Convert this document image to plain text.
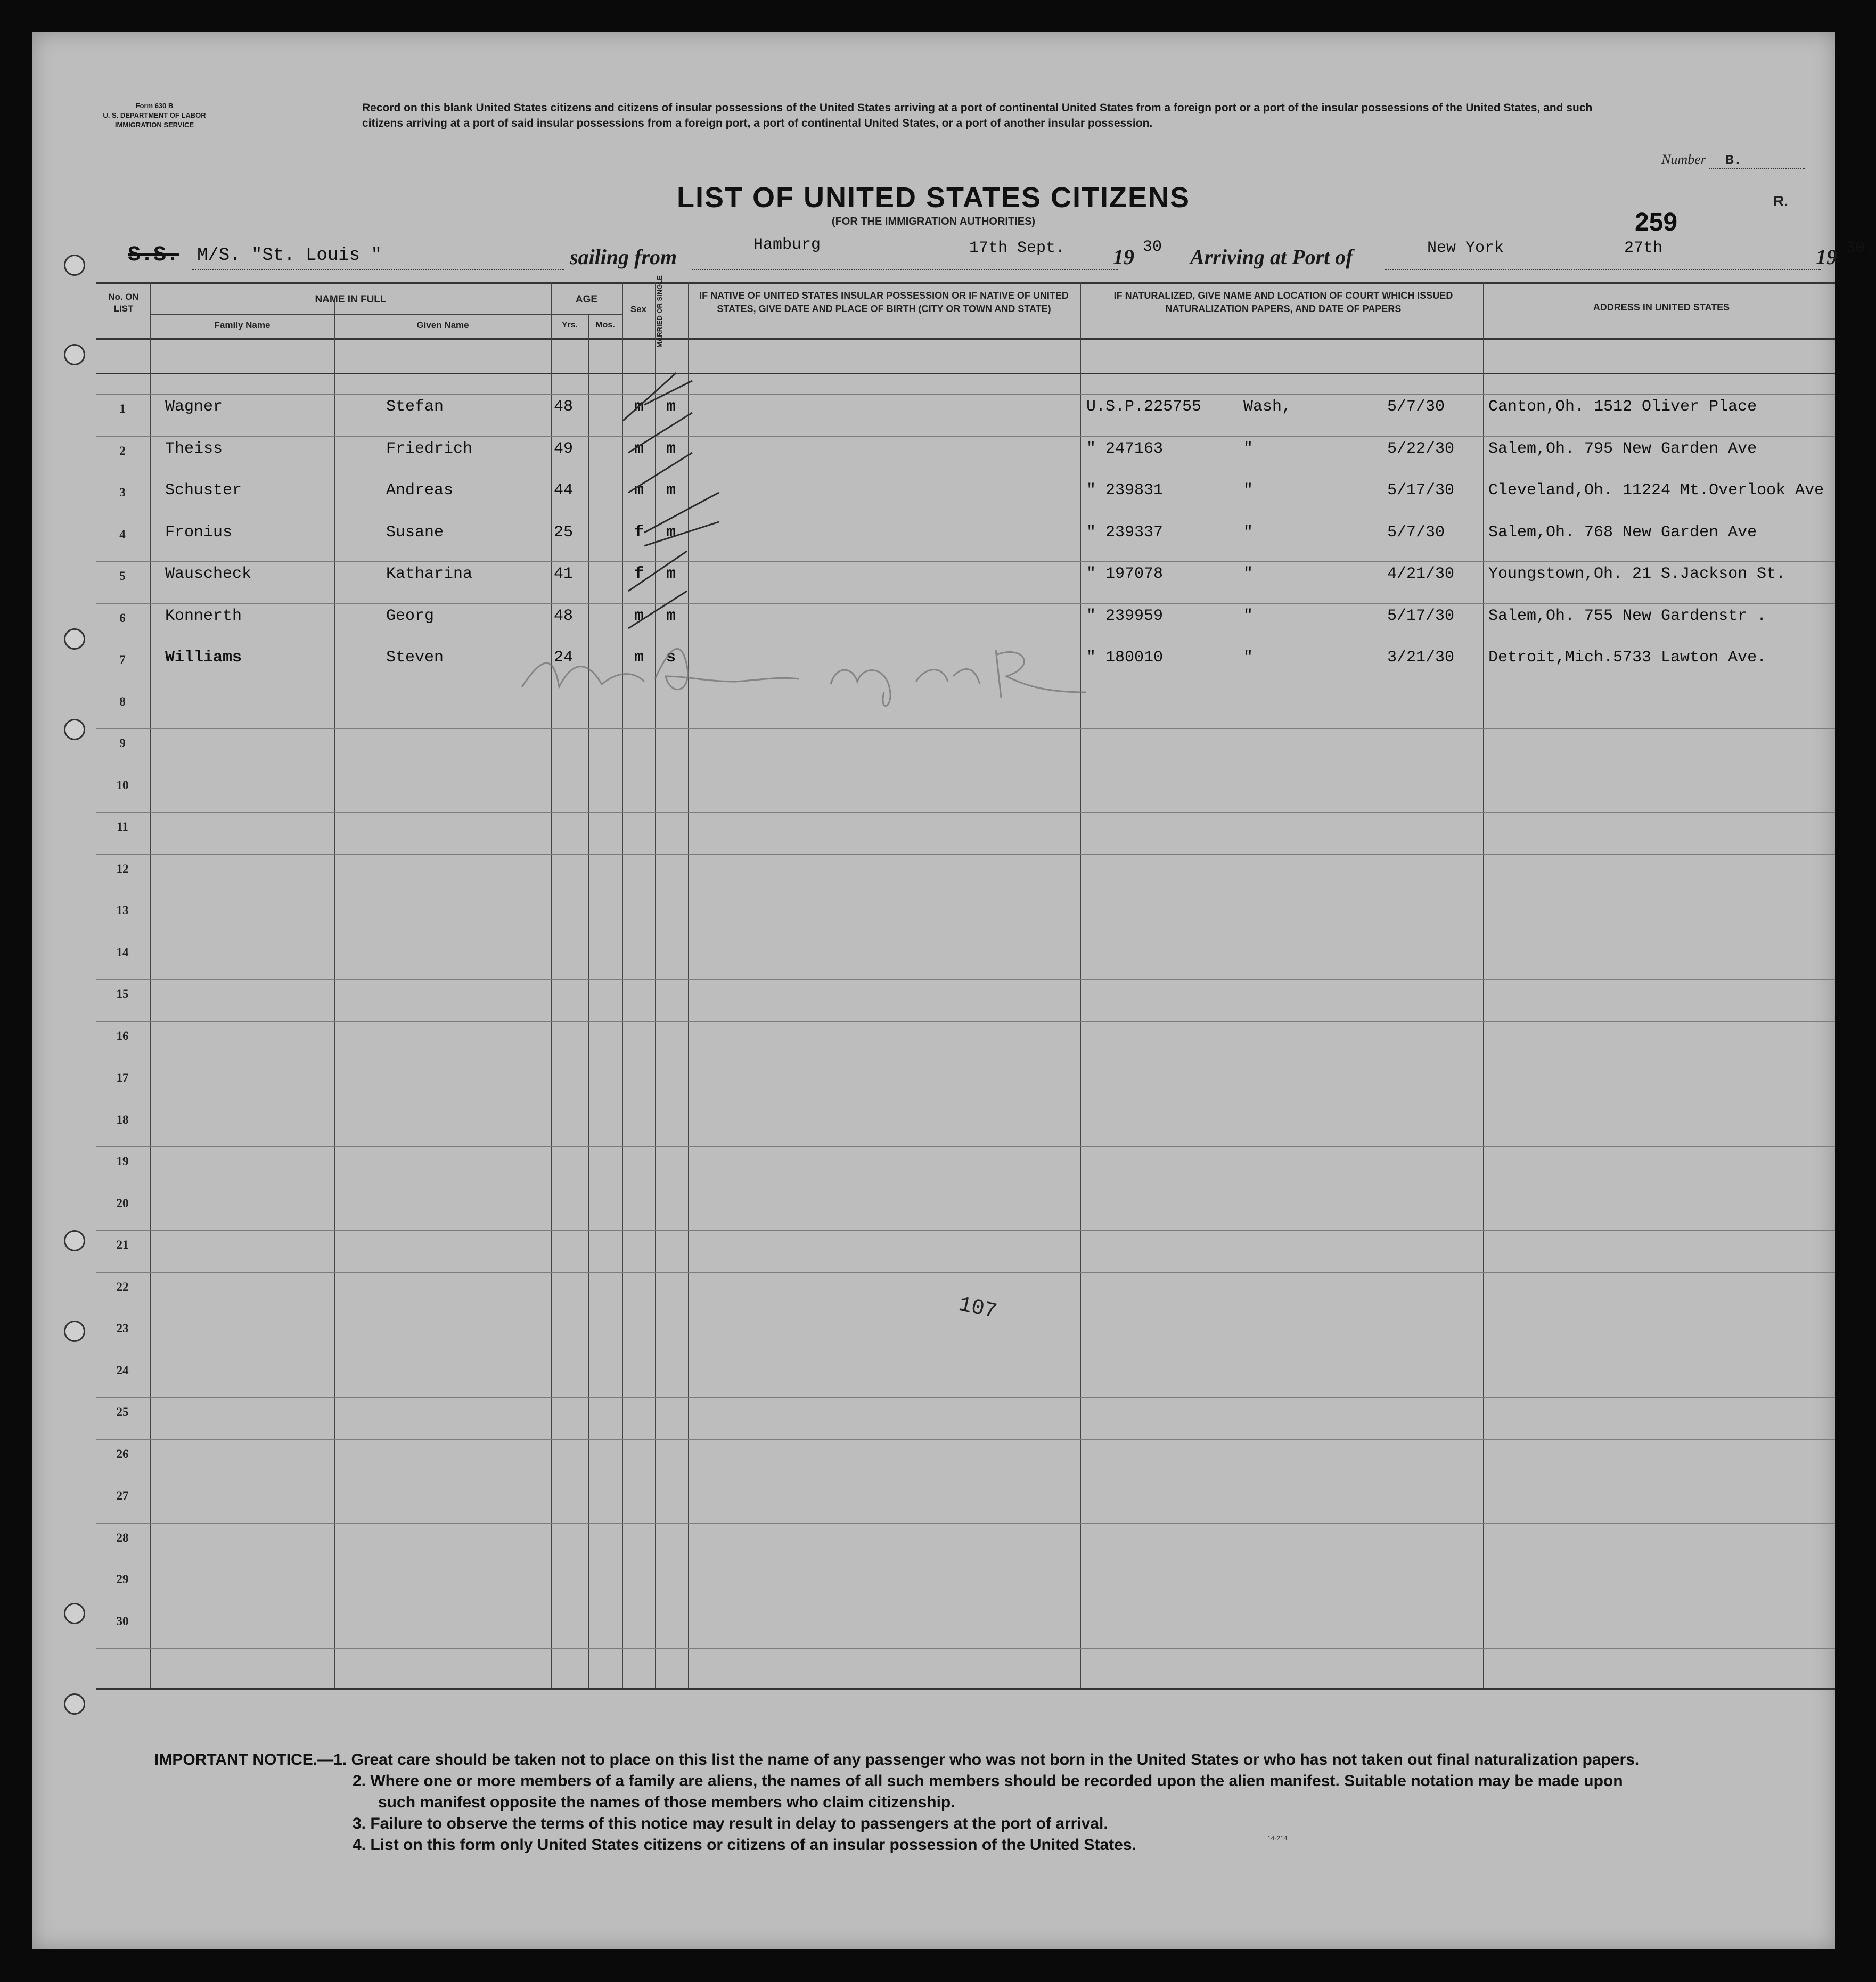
Form 630 B
U. S. DEPARTMENT OF LABOR
IMMIGRATION SERVICE
Record on this blank United States citizens and citizens of insular possessions of the United States arriving at a port of continental United States from a foreign port or a port of the insular possessions of the United States, and such citizens arriving at a port of said insular possessions from a foreign port, a port of continental United States, or a port of another insular possession.
Number B.
R.
LIST OF UNITED STATES CITIZENS
(FOR THE IMMIGRATION AUTHORITIES)	259
S.S. M/S. "St. Louis "	sailing from	Hamburg	17th Sept. 19 30 Arriving at Port of	New York	27th	19 30.
No. ON LIST
NAME IN FULL
Family Name	Given Name
AGE
Yrs.	Mos.
Sex	MARRIED OR SINGLE	IF NATIVE OF UNITED STATES INSULAR POSSESSION OR IF NATIVE OF UNITED STATES, GIVE DATE AND PLACE OF BIRTH (CITY OR TOWN AND STATE)
IF NATURALIZED, GIVE NAME AND LOCATION OF COURT WHICH ISSUED NATURALIZATION PAPERS, AND DATE OF PAPERS	ADDRESS IN UNITED STATES
1	Wagner	Stefan	48	m	m	U.S.P.225755	Wash,	5/7/30	Canton,Oh. 1512 Oliver Place
2	Theiss	Friedrich	49	m	m	" 247163	"	5/22/30 Salem,Oh. 795 New Garden Ave
3	Schuster	Andreas	44	m	m	" 239831	"	5/17/30 Cleveland,Oh. 11224 Mt.Overlook Ave
4	Fronius	Susane	25	f	m	" 239337	"	5/7/30	Salem,Oh. 768 New Garden Ave
5	Wauscheck	Katharina	41	f	m	" 197078	"	4/21/30 Youngstown,Oh. 21 S.Jackson St.
6	Konnerth	Georg	48	m	m	" 239959	"	5/17/30 Salem,Oh. 755 New Gardenstr .
7	Williams	Steven	24	m	s	" 180010	"	3/21/30 Detroit,Mich.5733 Lawton Ave.
8
9
10
11
12
13
14
15
16
17
18
19
20
21
22
23
24
25
26
27
28
29
30
107
IMPORTANT NOTICE.—1. Great care should be taken not to place on this list the name of any passenger who was not born in the United States or who has not taken out final naturalization papers.
2. Where one or more members of a family are aliens, the names of all such members should be recorded upon the alien manifest. Suitable notation may be made upon
such manifest opposite the names of those members who claim citizenship.
3. Failure to observe the terms of this notice may result in delay to passengers at the port of arrival.
4. List on this form only United States citizens or citizens of an insular possession of the United States.	14-214
